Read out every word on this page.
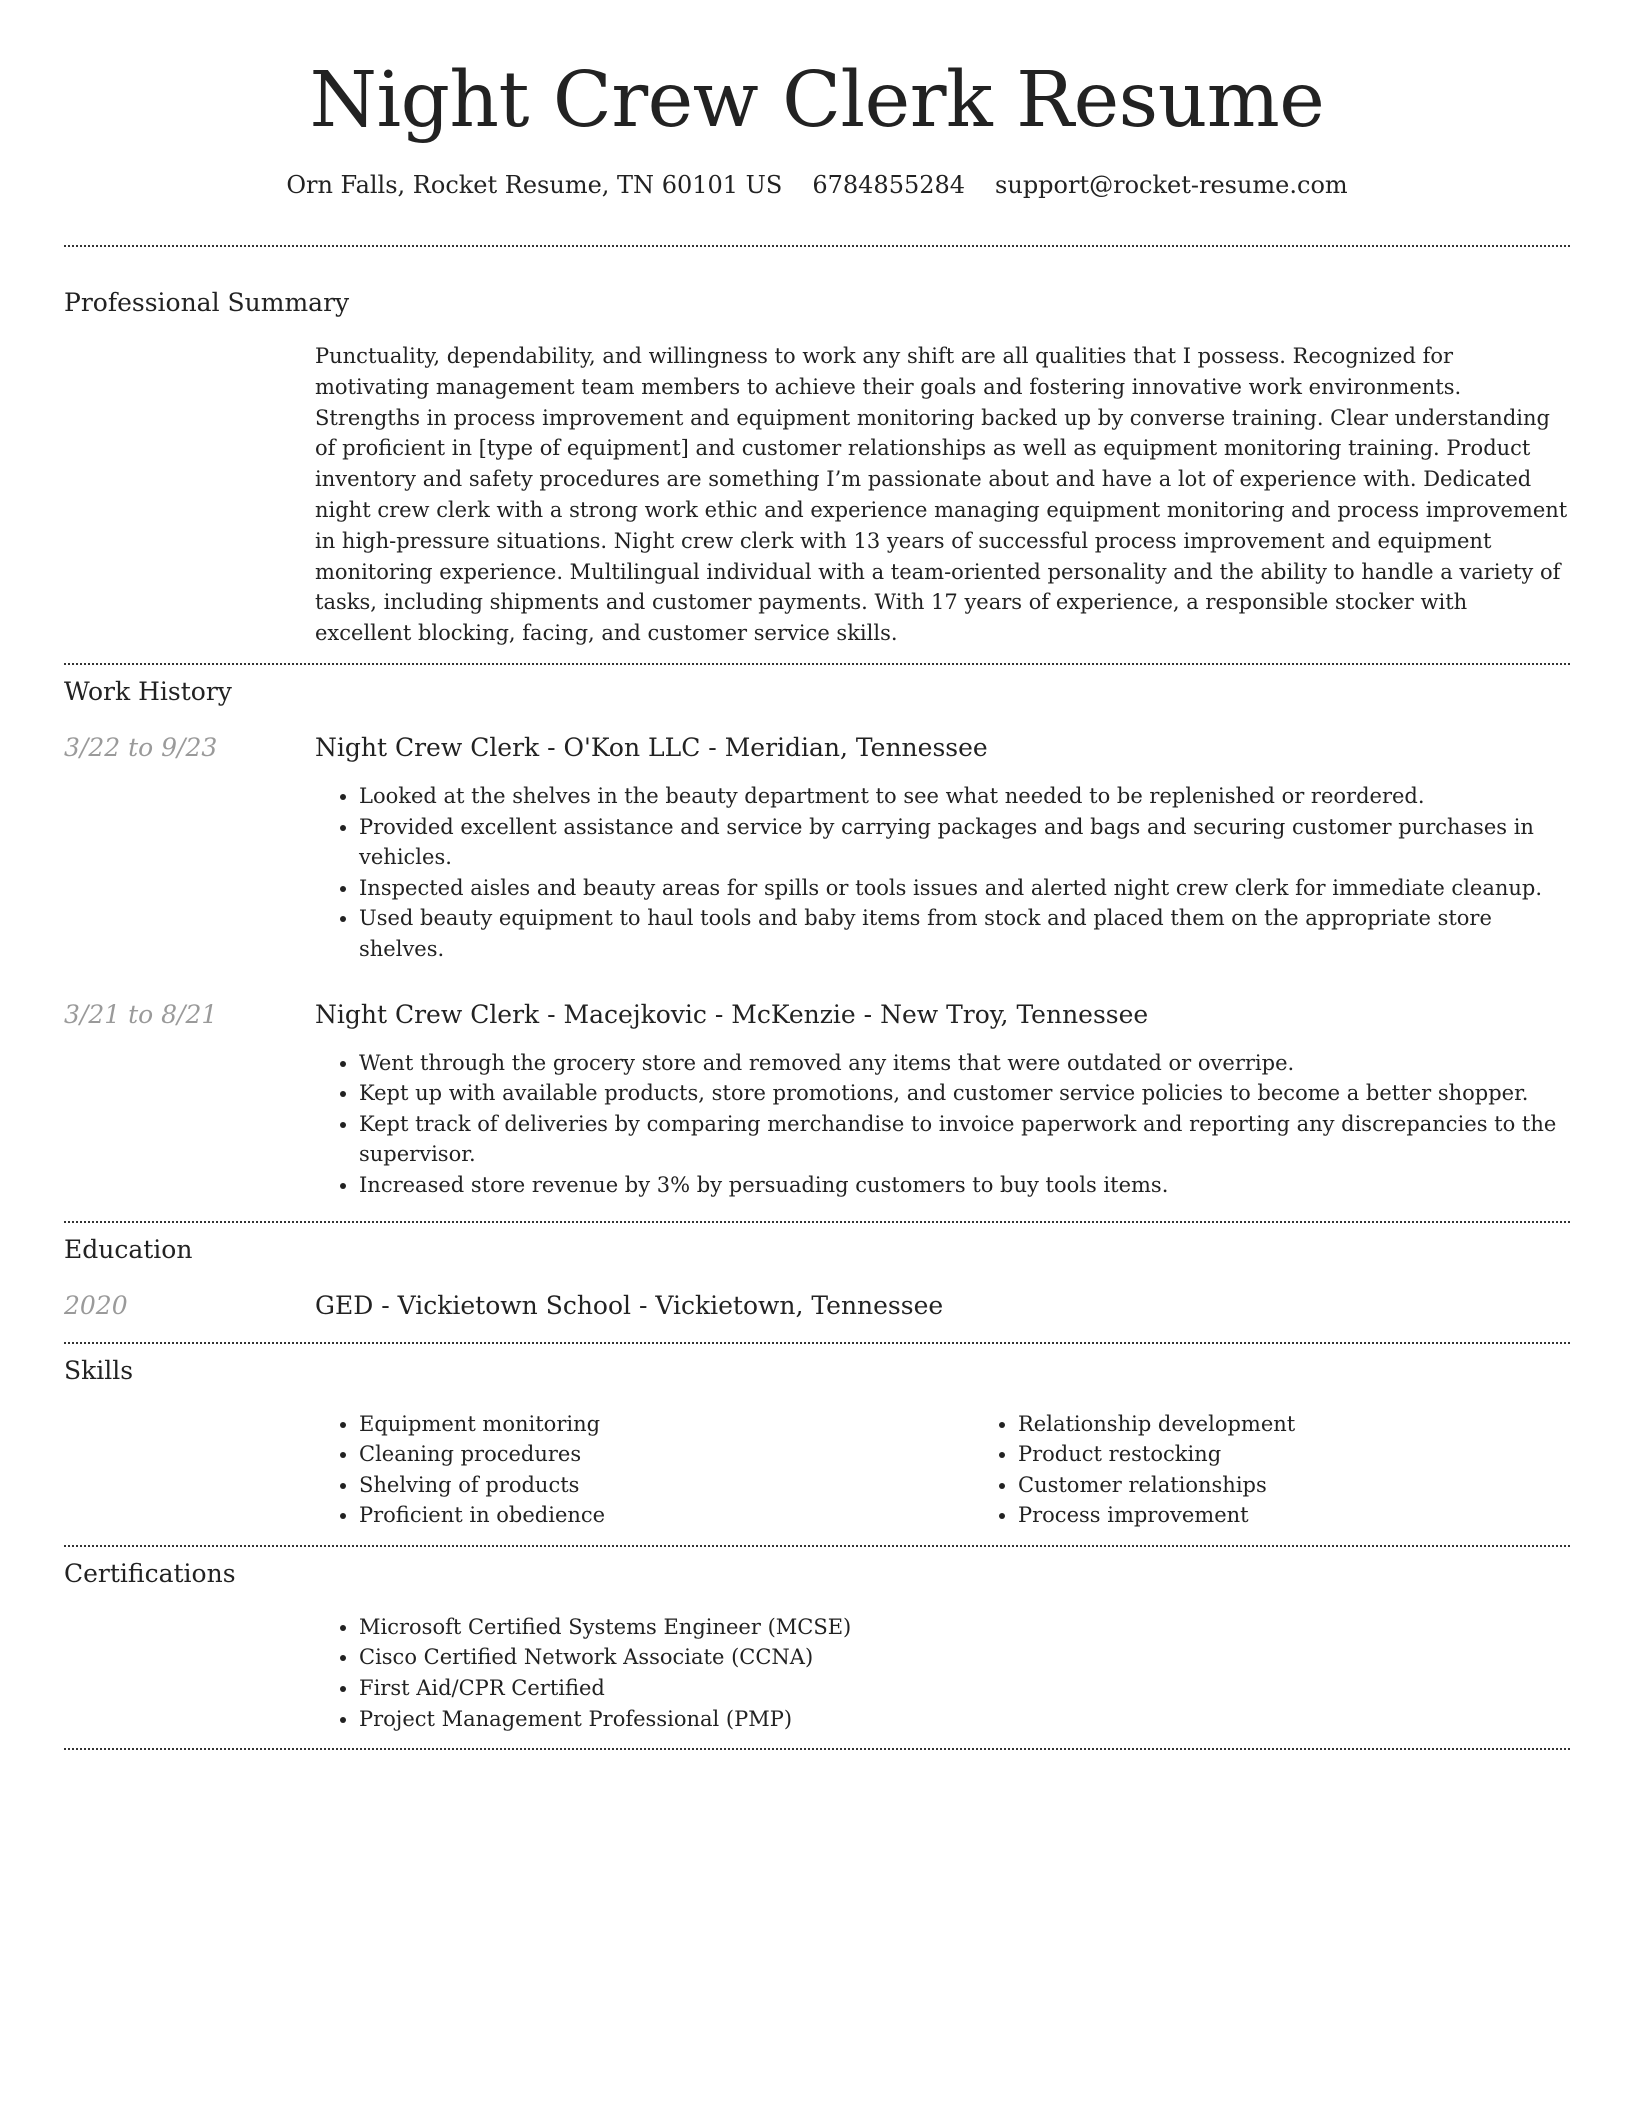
Night Crew Clerk Resume
Orn Falls, Rocket Resume, TN 60101 US 6784855284 support@rocket-resume.com
Professional Summary

Punctuality, dependability, and willingness to work any shift are all qualities that I possess. Recognized for motivating management team members to achieve their goals and fostering innovative work environments. Strengths in process improvement and equipment monitoring backed up by converse training. Clear understanding of proficient in [type of equipment] and customer relationships as well as equipment monitoring training. Product inventory and safety procedures are something I’m passionate about and have a lot of experience with. Dedicated night crew clerk with a strong work ethic and experience managing equipment monitoring and process improvement in high-pressure situations. Night crew clerk with 13 years of successful process improvement and equipment monitoring experience. Multilingual individual with a team-oriented personality and the ability to handle a variety of tasks, including shipments and customer payments. With 17 years of experience, a responsible stocker with excellent blocking, facing, and customer service skills.

Work History
3/22 to 9/23	Night Crew Clerk - O'Kon LLC - Meridian, Tennessee
• Looked at the shelves in the beauty department to see what needed to be replenished or reordered.
• Provided excellent assistance and service by carrying packages and bags and securing customer purchases in vehicles.
• Inspected aisles and beauty areas for spills or tools issues and alerted night crew clerk for immediate cleanup.
• Used beauty equipment to haul tools and baby items from stock and placed them on the appropriate store shelves.
3/21 to 8/21	Night Crew Clerk - Macejkovic - McKenzie - New Troy, Tennessee
• Went through the grocery store and removed any items that were outdated or overripe.
• Kept up with available products, store promotions, and customer service policies to become a better shopper.
• Kept track of deliveries by comparing merchandise to invoice paperwork and reporting any discrepancies to the supervisor.
• Increased store revenue by 3% by persuading customers to buy tools items.
Education
2020	GED - Vickietown School - Vickietown, Tennessee
Skills
• Equipment monitoring
• Cleaning procedures
• Shelving of products
• Proficient in obedience
• Relationship development
• Product restocking
• Customer relationships
• Process improvement
Certifications
• Microsoft Certified Systems Engineer (MCSE)
• Cisco Certified Network Associate (CCNA)
• First Aid/CPR Certified
• Project Management Professional (PMP)
